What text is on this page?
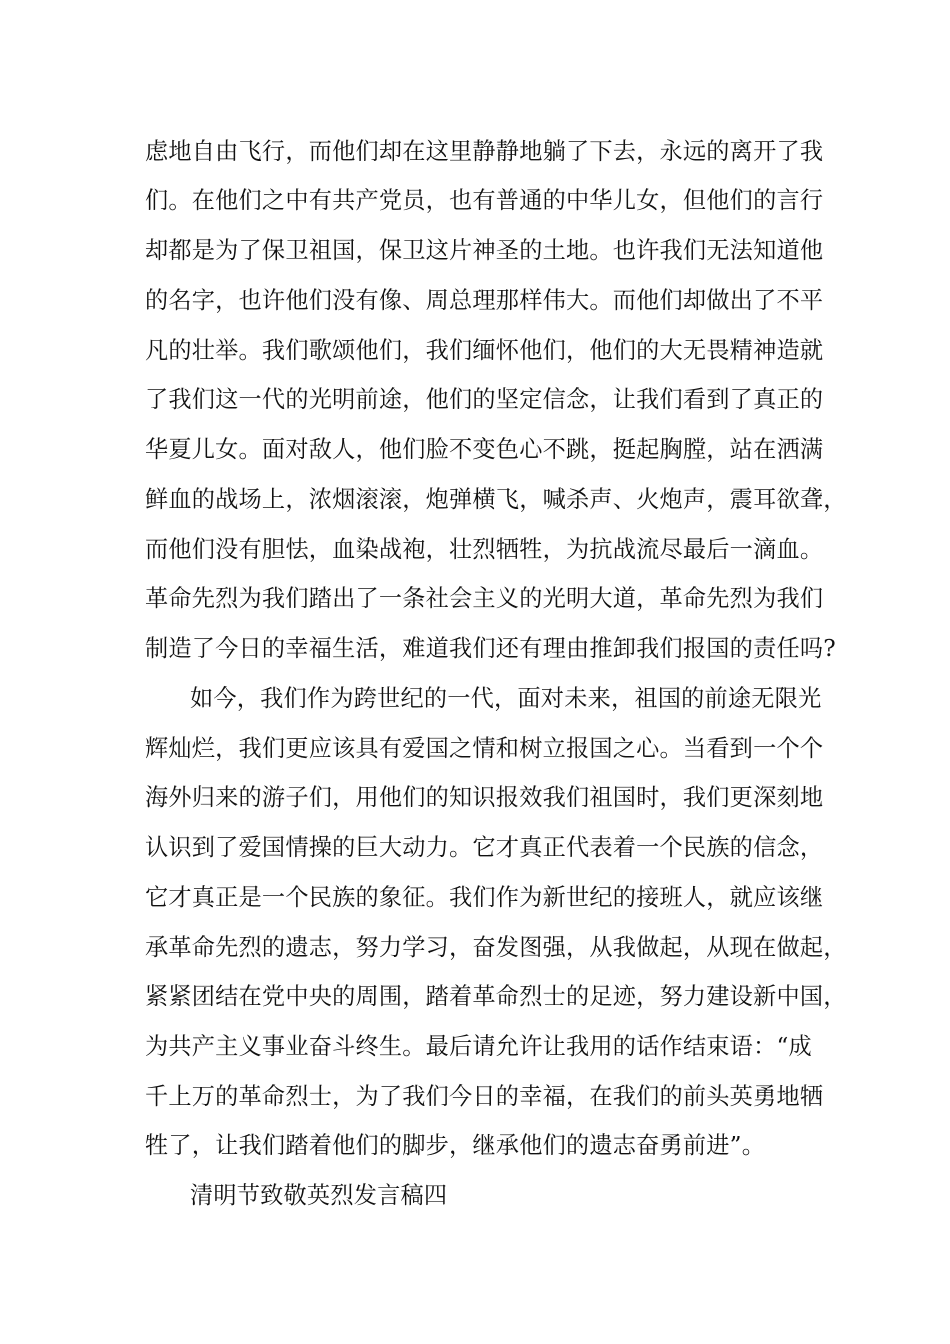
虑地自由飞行，而他们却在这里静静地躺了下去，永远的离开了我
们。在他们之中有共产党员，也有普通的中华儿女，但他们的言行
却都是为了保卫祖国，保卫这片神圣的土地。也许我们无法知道他
的名字，也许他们没有像、周总理那样伟大。而他们却做出了不平
凡的壮举。我们歌颂他们，我们缅怀他们，他们的大无畏精神造就
了我们这一代的光明前途，他们的坚定信念，让我们看到了真正的
华夏儿女。面对敌人，他们脸不变色心不跳，挺起胸膛，站在洒满
鲜血的战场上，浓烟滚滚，炮弹横飞，喊杀声、火炮声，震耳欲聋，
而他们没有胆怯，血染战袍，壮烈牺牲，为抗战流尽最后一滴血。
革命先烈为我们踏出了一条社会主义的光明大道，革命先烈为我们
制造了今日的幸福生活，难道我们还有理由推卸我们报国的责任吗?
如今，我们作为跨世纪的一代，面对未来，祖国的前途无限光
辉灿烂，我们更应该具有爱国之情和树立报国之心。当看到一个个
海外归来的游子们，用他们的知识报效我们祖国时，我们更深刻地
认识到了爱国情操的巨大动力。它才真正代表着一个民族的信念，
它才真正是一个民族的象征。我们作为新世纪的接班人，就应该继
承革命先烈的遗志，努力学习，奋发图强，从我做起，从现在做起，
紧紧团结在党中央的周围，踏着革命烈士的足迹，努力建设新中国，
为共产主义事业奋斗终生。最后请允许让我用的话作结束语：“成
千上万的革命烈士，为了我们今日的幸福，在我们的前头英勇地牺
牲了，让我们踏着他们的脚步，继承他们的遗志奋勇前进”。
清明节致敬英烈发言稿四
